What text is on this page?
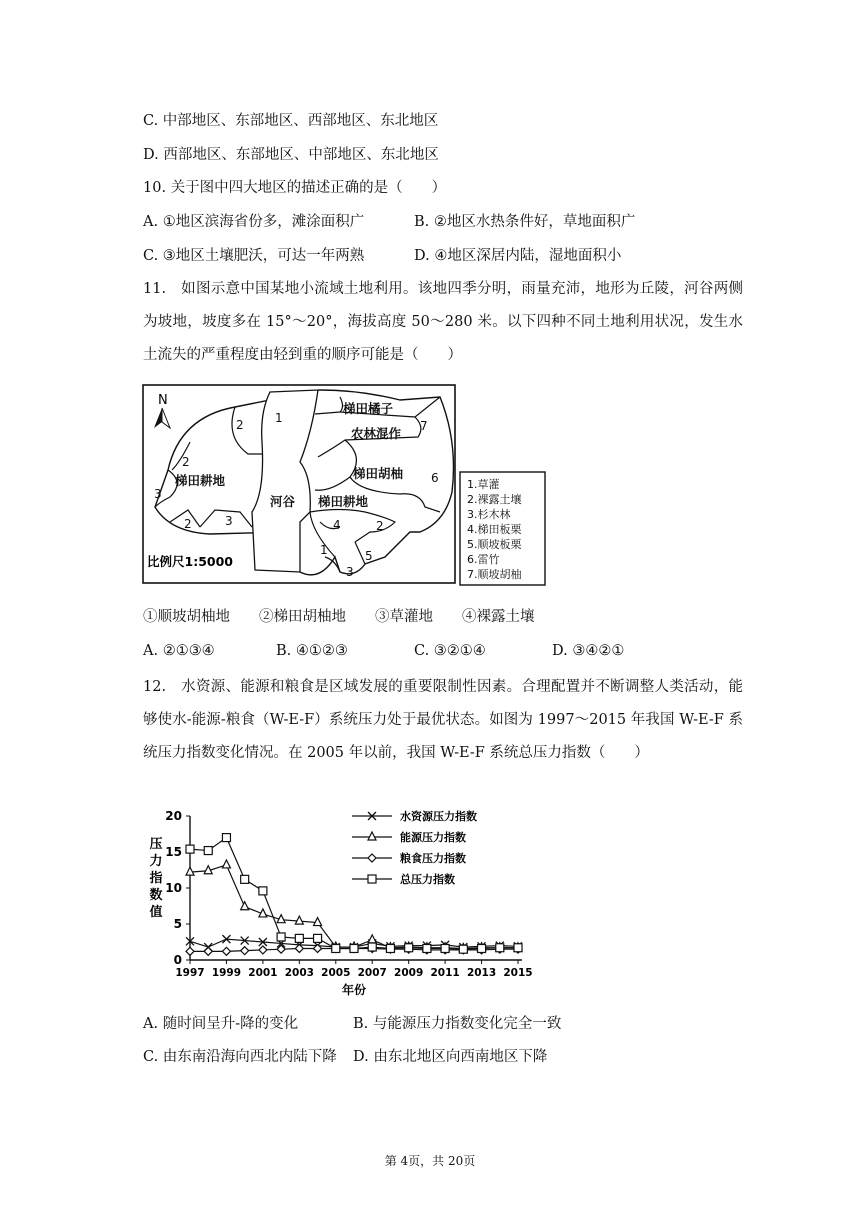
C. 中部地区、东部地区、西部地区、东北地区
D. 西部地区、东部地区、中部地区、东北地区
10. 关于图中四大地区的描述正确的是（　　）
A. ①地区滨海省份多，滩涂面积广	B. ②地区水热条件好，草地面积广
C. ③地区土壤肥沃，可达一年两熟	D. ④地区深居内陆，湿地面积小
11.　如图示意中国某地小流域土地利用。该地四季分明，雨量充沛，地形为丘陵，河谷两侧为坡地，坡度多在 15°～20°，海拔高度 50～280 米。以下四种不同土地利用状况，发生水土流失的严重程度由轻到重的顺序可能是（　　）
N
梯田橘子
农林混作
梯田胡柚
梯田耕地
河谷 梯田耕地
1
2	7
2
3
6
2	3	4	2
1	5
3
比例尺1:5000
1.草灌
2.裸露土壤
3.杉木林
4.梯田板栗
5.顺坡板栗
6.雷竹
7.顺坡胡柚
①顺坡胡柚地　　②梯田胡柚地　　③草灌地　　④裸露土壤
A. ②①③④	B. ④①②③	C. ③②①④	D. ③④②①
12.　水资源、能源和粮食是区域发展的重要限制性因素。合理配置并不断调整人类活动，能够使水-能源-粮食（W-E-F）系统压力处于最优状态。如图为 1997～2015 年我国 W-E-F 系统压力指数变化情况。在 2005 年以前，我国 W-E-F 系统总压力指数（　　）
0
5
10
15
20
1997 1999 2001 2003 2005 2007 2009 2011 2013 2015
年份
压
力
指
数
值
水资源压力指数
能源压力指数
粮食压力指数
总压力指数
A. 随时间呈升-降的变化	B. 与能源压力指数变化完全一致
C. 由东南沿海向西北内陆下降 D. 由东北地区向西南地区下降
第 4页，共 20页
